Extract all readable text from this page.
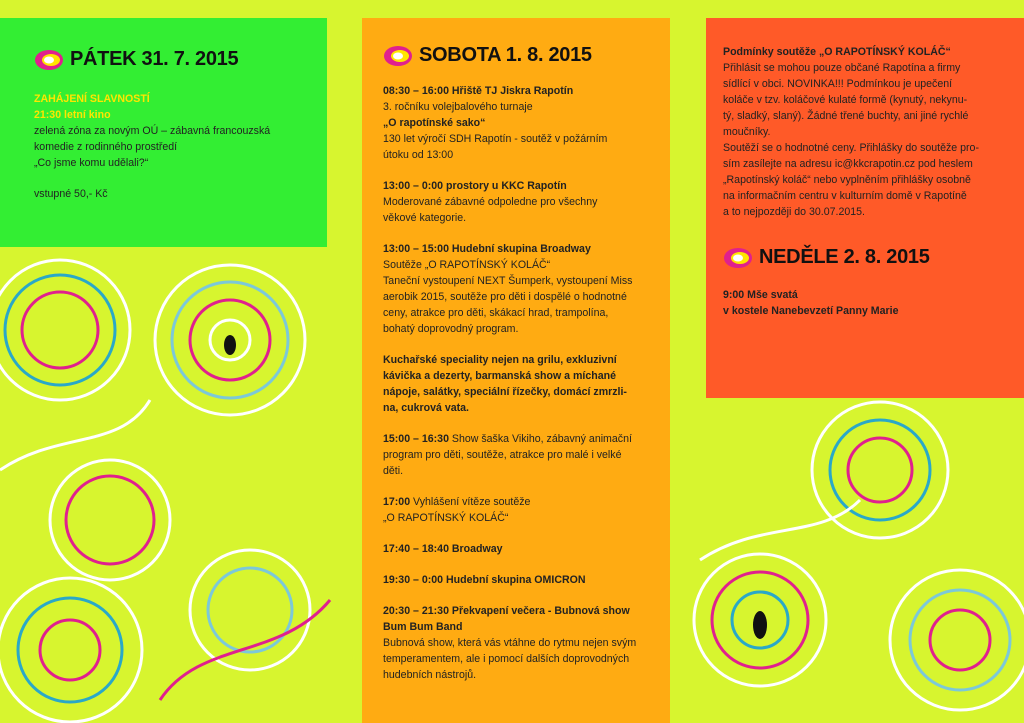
PÁTEK 31. 7. 2015

ZAHÁJENÍ SLAVNOSTÍ

21:30 letní kino

zelená zóna za novým OÚ – zábavná francouzská

komedie z rodinného prostředí

„Co jsme komu udělali?“

vstupné 50,- Kč

SOBOTA 1. 8. 2015

08:30 – 16:00 Hřiště TJ Jiskra Rapotín

3. ročníku volejbalového turnaje

„O rapotínské sako“

130 let výročí SDH Rapotín - soutěž v požárním

útoku od 13:00

13:00 – 0:00 prostory u KKC Rapotín

Moderované zábavné odpoledne pro všechny

věkové kategorie.

13:00 – 15:00 Hudební skupina Broadway

Soutěže „O RAPOTÍNSKÝ KOLÁČ“

Taneční vystoupení NEXT Šumperk, vystoupení Miss

aerobik 2015, soutěže pro děti i dospělé o hodnotné

ceny, atrakce pro děti, skákací hrad, trampolína,

bohatý doprovodný program.

Kuchařské speciality nejen na grilu, exkluzivní

kávička a dezerty, barmanská show a míchané

nápoje, salátky, speciální řízečky, domácí zmrzli-

na, cukrová vata.

15:00 – 16:30 Show šaška Vikiho, zábavný animační

program pro děti, soutěže, atrakce pro malé i velké

děti.

17:00 Vyhlášení vítěze soutěže

„O RAPOTÍNSKÝ KOLÁČ“

17:40 – 18:40 Broadway

19:30 – 0:00 Hudební skupina OMICRON

20:30 – 21:30 Překvapení večera - Bubnová show

Bum Bum Band

Bubnová show, která vás vtáhne do rytmu nejen svým

temperamentem, ale i pomocí dalších doprovodných

hudebních nástrojů.

Podmínky soutěže „O RAPOTÍNSKÝ KOLÁČ“

Přihlásit se mohou pouze občané Rapotína a firmy

sídlící v obci. NOVINKA!!! Podmínkou je upečení

koláče v tzv. koláčové kulaté formě (kynutý, nekynu-

tý, sladký, slaný). Žádné třené buchty, ani jiné rychlé

moučníky.

Soutěží se o hodnotné ceny. Přihlášky do soutěže pro-

sím zasílejte na adresu ic@kkcrapotin.cz pod heslem

„Rapotínský koláč“ nebo vyplněním přihlášky osobně

na informačním centru v kulturním domě v Rapotíně

a to nejpozději do 30.07.2015.

NEDĚLE 2. 8. 2015

9:00 Mše svatá

v kostele Nanebevzetí Panny Marie
